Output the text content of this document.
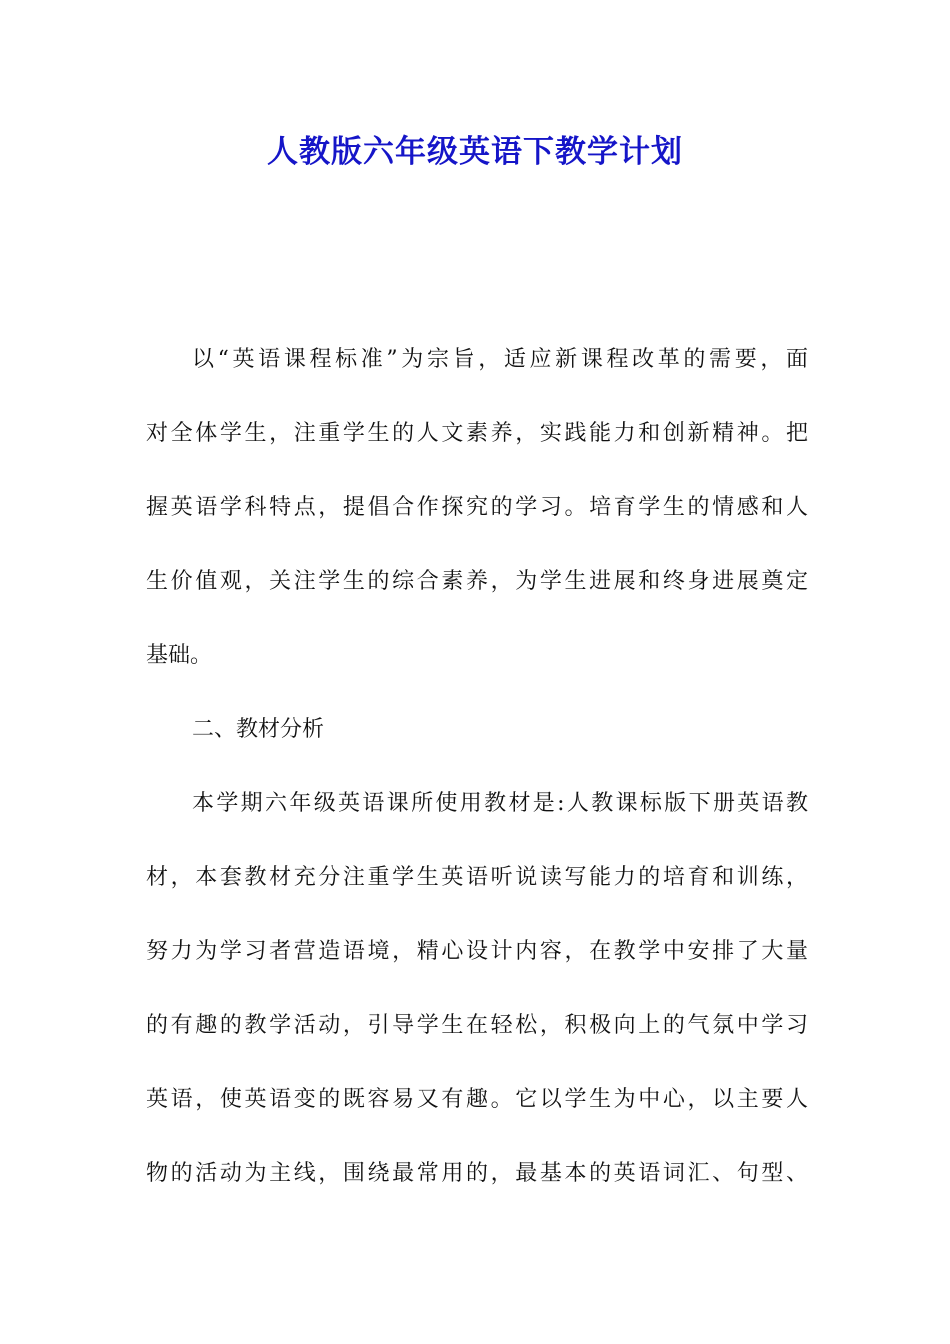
人教版六年级英语下教学计划
以“英语课程标准”为宗旨，适应新课程改革的需要，面
对全体学生，注重学生的人文素养，实践能力和创新精神。把
握英语学科特点，提倡合作探究的学习。培育学生的情感和人
生价值观，关注学生的综合素养，为学生进展和终身进展奠定
基础。
二、教材分析
本学期六年级英语课所使用教材是:人教课标版下册英语教
材，本套教材充分注重学生英语听说读写能力的培育和训练，
努力为学习者营造语境，精心设计内容，在教学中安排了大量
的有趣的教学活动，引导学生在轻松，积极向上的气氛中学习
英语，使英语变的既容易又有趣。它以学生为中心，以主要人
物的活动为主线，围绕最常用的，最基本的英语词汇、句型、
